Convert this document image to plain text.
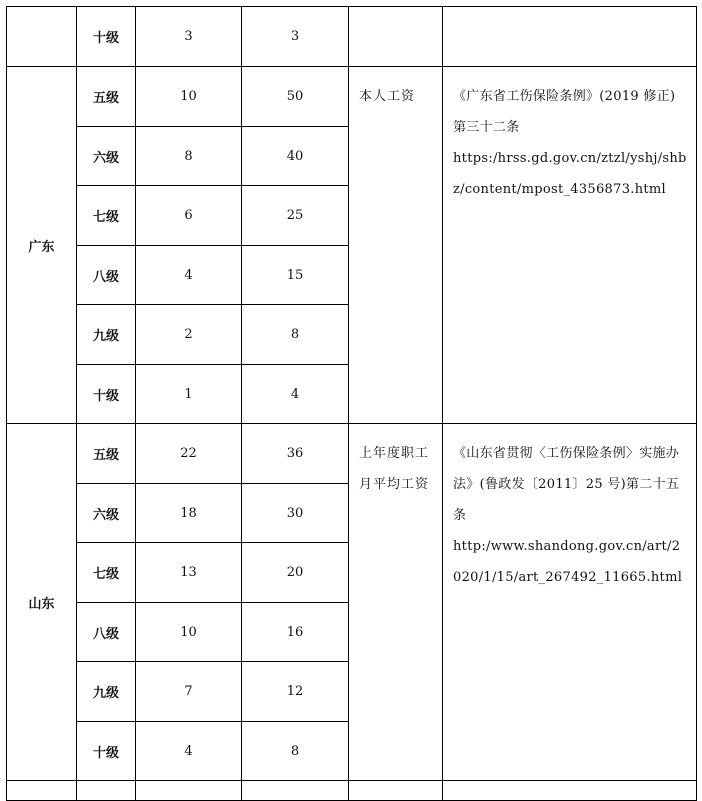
	十级	3	3		
广东	五级	10	50	本人工资	《广东省工伤保险条例》(2019 修正)第三十二条
https:/hrss.gd.gov.cn/ztzl/yshj/shbz/content/mpost_4356873.html

	六级	8	40		
	七级	6	25		
	八级	4	15		
	九级	2	8		
	十级	1	4		
山东	五级	22	36	上年度职工月平均工资	《山东省贯彻〈工伤保险条例〉实施办法》(鲁政发〔2011〕25 号)第二十五条
http:/www.shandong.gov.cn/art/2020/1/15/art_267492_11665.html

	六级	18	30		
	七级	13	20		
	八级	10	16		
	九级	7	12		
	十级	4	8		
